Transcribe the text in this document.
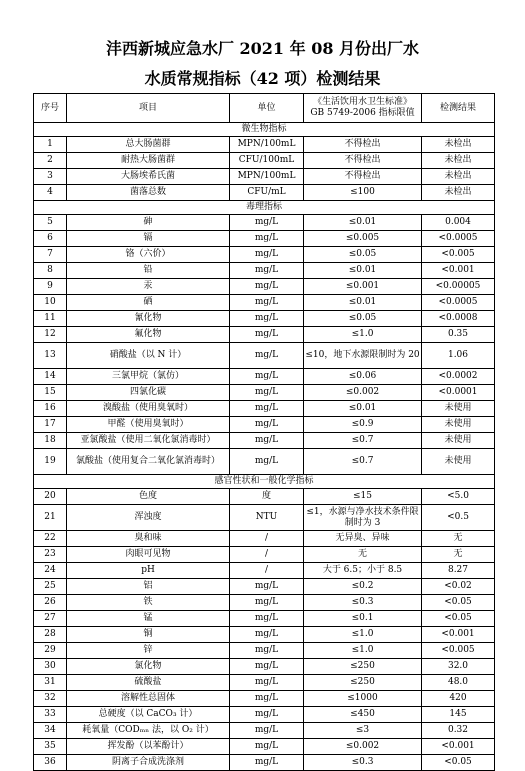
沣西新城应急水厂 2021 年 08 月份出厂水
水质常规指标（42 项）检测结果
序号	项目	单位	《生活饮用水卫生标准》
GB 5749-2006 指标限值	检测结果
微生物指标				
1	总大肠菌群	MPN/100mL	不得检出	未检出
2	耐热大肠菌群	CFU/100mL	不得检出	未检出
3	大肠埃希氏菌	MPN/100mL	不得检出	未检出
4	菌落总数	CFU/mL	≤100	未检出
毒理指标				
5	砷	mg/L	≤0.01	0.004
6	镉	mg/L	≤0.005	<0.0005
7	铬（六价）	mg/L	≤0.05	<0.005
8	铅	mg/L	≤0.01	<0.001
9	汞	mg/L	≤0.001	<0.00005
10	硒	mg/L	≤0.01	<0.0005
11	氰化物	mg/L	≤0.05	<0.0008
12	氟化物	mg/L	≤1.0	0.35
13	硝酸盐（以 N 计）	mg/L	≤10，地下水源限制时为 20	1.06
14	三氯甲烷（氯仿）	mg/L	≤0.06	<0.0002
15	四氯化碳	mg/L	≤0.002	<0.0001
16	溴酸盐（使用臭氧时）	mg/L	≤0.01	未使用
17	甲醛（使用臭氧时）	mg/L	≤0.9	未使用
18	亚氯酸盐（使用二氧化氯消毒时）	mg/L	≤0.7	未使用
19	氯酸盐（使用复合二氧化氯消毒时）	mg/L	≤0.7	未使用
感官性状和一般化学指标				
20	色度	度	≤15	<5.0
21	浑浊度	NTU	≤1，水源与净水技术条件限制时为 3	<0.5
22	臭和味	/	无异臭、异味	无
23	肉眼可见物	/	无	无
24	pH	/	大于 6.5；小于 8.5	8.27
25	铝	mg/L	≤0.2	<0.02
26	铁	mg/L	≤0.3	<0.05
27	锰	mg/L	≤0.1	<0.05
28	铜	mg/L	≤1.0	<0.001
29	锌	mg/L	≤1.0	<0.005
30	氯化物	mg/L	≤250	32.0
31	硫酸盐	mg/L	≤250	48.0
32	溶解性总固体	mg/L	≤1000	420
33	总硬度（以 CaCO₃ 计）	mg/L	≤450	145
34	耗氧量（CODₘₙ 法，以 O₂ 计）	mg/L	≤3	0.32
35	挥发酚（以苯酚计）	mg/L	≤0.002	<0.001
36	阴离子合成洗涤剂	mg/L	≤0.3	<0.05
